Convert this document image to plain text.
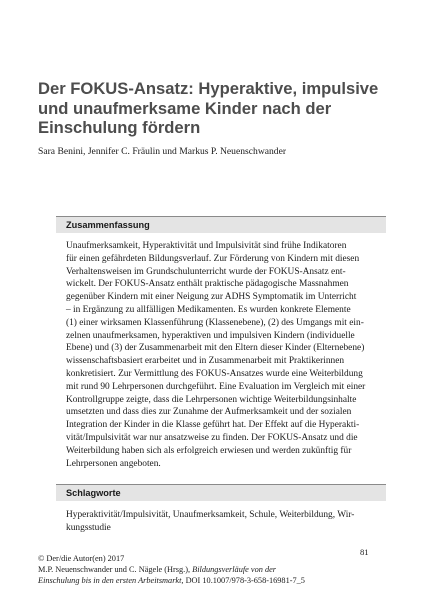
Der FOKUS-Ansatz: Hyperaktive, impulsive
und unaufmerksame Kinder nach der
Einschulung fördern
Sara Benini, Jennifer C. Fräulin und Markus P. Neuenschwander
Zusammenfassung
Unaufmerksamkeit, Hyperaktivität und Impulsivität sind frühe Indikatoren
für einen gefährdeten Bildungsverlauf. Zur Förderung von Kindern mit diesen
Verhaltensweisen im Grundschulunterricht wurde der FOKUS-Ansatz ent-
wickelt. Der FOKUS-Ansatz enthält praktische pädagogische Massnahmen
gegenüber Kindern mit einer Neigung zur ADHS Symptomatik im Unterricht
– in Ergänzung zu allfälligen Medikamenten. Es wurden konkrete Elemente
(1) einer wirksamen Klassenführung (Klassenebene), (2) des Umgangs mit ein-
zelnen unaufmerksamen, hyperaktiven und impulsiven Kindern (individuelle
Ebene) und (3) der Zusammenarbeit mit den Eltern dieser Kinder (Elternebene)
wissenschaftsbasiert erarbeitet und in Zusammenarbeit mit Praktikerinnen
konkretisiert. Zur Vermittlung des FOKUS-Ansatzes wurde eine Weiterbildung
mit rund 90 Lehrpersonen durchgeführt. Eine Evaluation im Vergleich mit einer
Kontrollgruppe zeigte, dass die Lehrpersonen wichtige Weiterbildungsinhalte
umsetzten und dass dies zur Zunahme der Aufmerksamkeit und der sozialen
Integration der Kinder in die Klasse geführt hat. Der Effekt auf die Hyperakti-
vität/Impulsivität war nur ansatzweise zu finden. Der FOKUS-Ansatz und die
Weiterbildung haben sich als erfolgreich erwiesen und werden zukünftig für
Lehrpersonen angeboten.
Schlagworte
Hyperaktivität/Impulsivität, Unaufmerksamkeit, Schule, Weiterbildung, Wir-
kungsstudie
81
© Der/die Autor(en) 2017
M.P. Neuenschwander und C. Nägele (Hrsg.), Bildungsverläufe von der
Einschulung bis in den ersten Arbeitsmarkt, DOI 10.1007/978-3-658-16981-7_5
